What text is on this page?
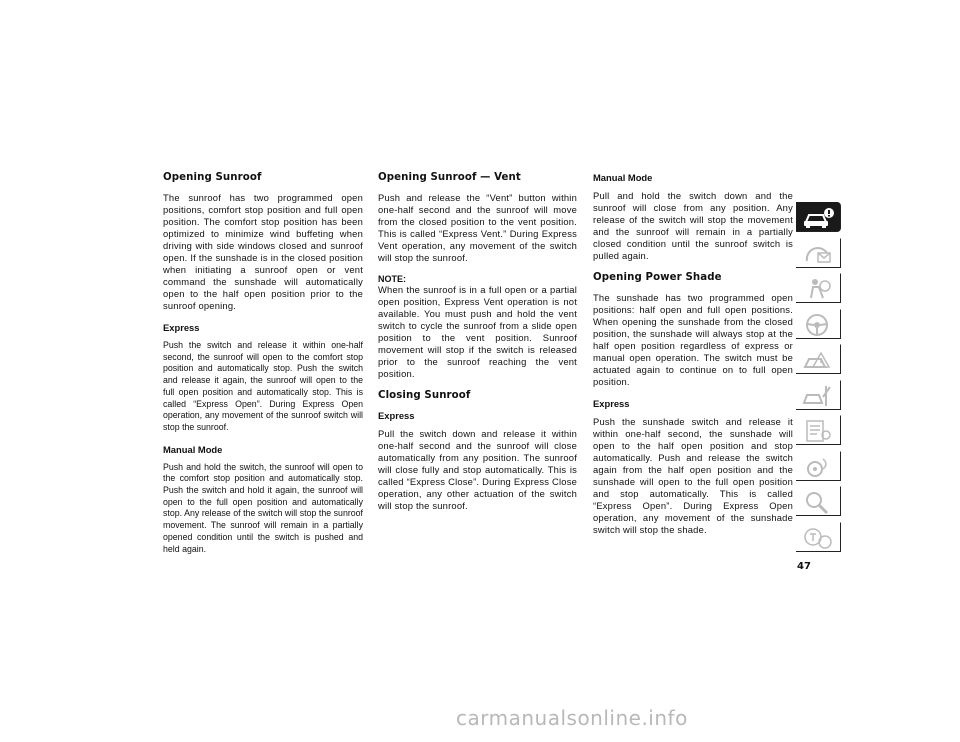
Opening Sunroof
The sunroof has two programmed open positions, comfort stop position and full open position. The comfort stop position has been optimized to minimize wind buffeting when driving with side windows closed and sunroof open. If the sunshade is in the closed position when initiating a sunroof open or vent command the sunshade will automatically open to the half open position prior to the sunroof opening.
Express
Push the switch and release it within one-half second, the sunroof will open to the comfort stop position and automatically stop. Push the switch and release it again, the sunroof will open to the full open position and automatically stop. This is called “Express Open”. During Express Open operation, any movement of the sunroof switch will stop the sunroof.
Manual Mode
Push and hold the switch, the sunroof will open to the comfort stop position and automatically stop. Push the switch and hold it again, the sunroof will open to the full open position and automatically stop. Any release of the switch will stop the sunroof movement. The sunroof will remain in a partially opened condition until the switch is pushed and held again.
Opening Sunroof — Vent
Push and release the “Vent” button within one-half second and the sunroof will move from the closed position to the vent position. This is called “Express Vent.” During Express Vent operation, any movement of the switch will stop the sunroof.
NOTE:
When the sunroof is in a full open or a partial open position, Express Vent operation is not available. You must push and hold the vent switch to cycle the sunroof from a slide open position to the vent position. Sunroof movement will stop if the switch is released prior to the sunroof reaching the vent position.
Closing Sunroof
Express
Pull the switch down and release it within one-half second and the sunroof will close automatically from any position. The sunroof will close fully and stop automatically. This is called “Express Close”. During Express Close operation, any other actuation of the switch will stop the sunroof.
Manual Mode
Pull and hold the switch down and the sunroof will close from any position. Any release of the switch will stop the movement and the sunroof will remain in a partially closed condition until the sunroof switch is pulled again.
Opening Power Shade
The sunshade has two programmed open positions: half open and full open positions. When opening the sunshade from the closed position, the sunshade will always stop at the half open position regardless of express or manual open operation. The switch must be actuated again to continue on to full open position.
Express
Push the sunshade switch and release it within one-half second, the sunshade will open to the half open position and stop automatically. Push and release the switch again from the half open position and the sunshade will open to the full open position and stop automatically. This is called “Express Open”. During Express Open operation, any movement of the sunshade switch will stop the shade.
47
carmanualsonline.info
